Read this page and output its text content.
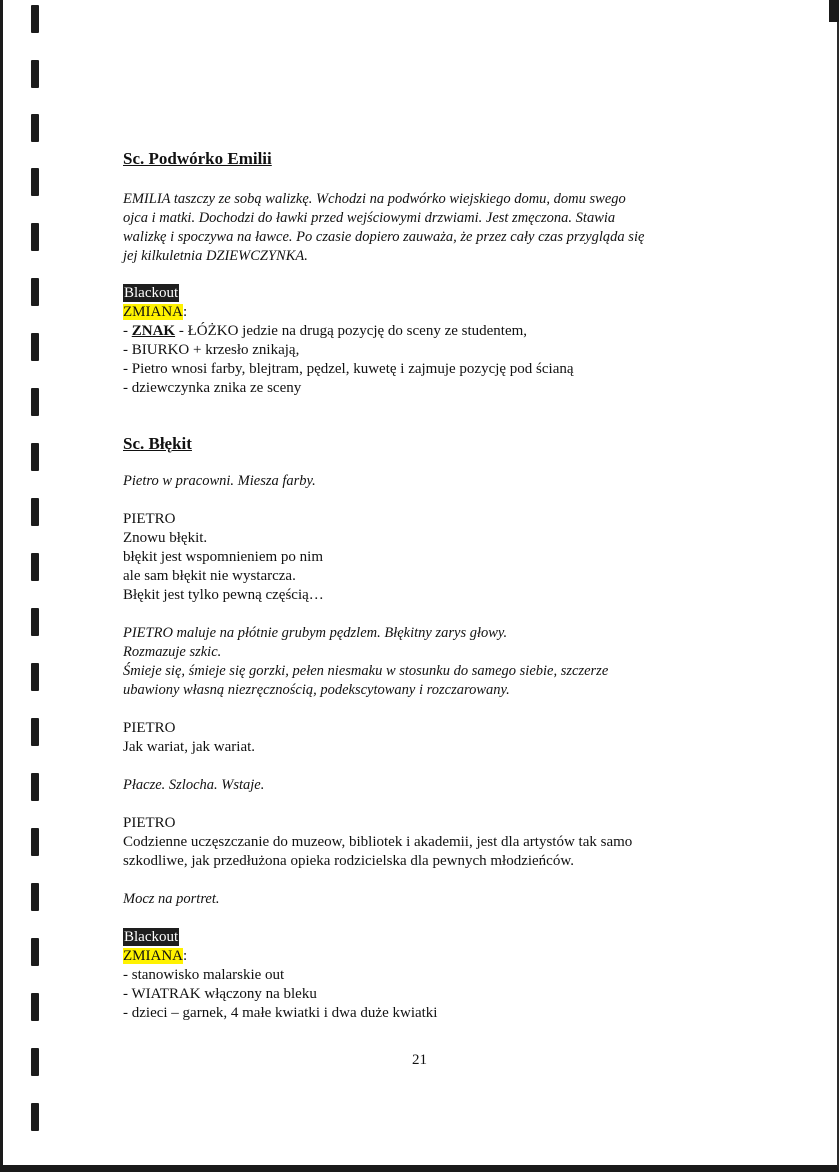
Sc. Podwórko Emilii

EMILIA taszczy ze sobą walizkę. Wchodzi na podwórko wiejskiego domu, domu swego

ojca i matki. Dochodzi do ławki przed wejściowymi drzwiami. Jest zmęczona. Stawia

walizkę i spoczywa na ławce. Po czasie dopiero zauważa, że przez cały czas przygląda się

jej kilkuletnia DZIEWCZYNKA.

Blackout

ZMIANA:

- ZNAK - ŁÓŻKO jedzie na drugą pozycję do sceny ze studentem,

- BIURKO + krzesło znikają,

- Pietro wnosi farby, blejtram, pędzel, kuwetę i zajmuje pozycję pod ścianą

- dziewczynka znika ze sceny

Sc. Błękit

Pietro w pracowni. Miesza farby.

PIETRO

Znowu błękit.

błękit jest wspomnieniem po nim

ale sam błękit nie wystarcza.

Błękit jest tylko pewną częścią…

PIETRO maluje na płótnie grubym pędzlem. Błękitny zarys głowy.

Rozmazuje szkic.

Śmieje się, śmieje się gorzki, pełen niesmaku w stosunku do samego siebie, szczerze

ubawiony własną niezręcznością, podekscytowany i rozczarowany.

PIETRO

Jak wariat, jak wariat.

Płacze. Szlocha. Wstaje.

PIETRO

Codzienne uczęszczanie do muzeow, bibliotek i akademii, jest dla artystów tak samo

szkodliwe, jak przedłużona opieka rodzicielska dla pewnych młodzieńców.

Mocz na portret.

Blackout

ZMIANA:

- stanowisko malarskie out

- WIATRAK włączony na bleku

- dzieci – garnek, 4 małe kwiatki i dwa duże kwiatki

21
